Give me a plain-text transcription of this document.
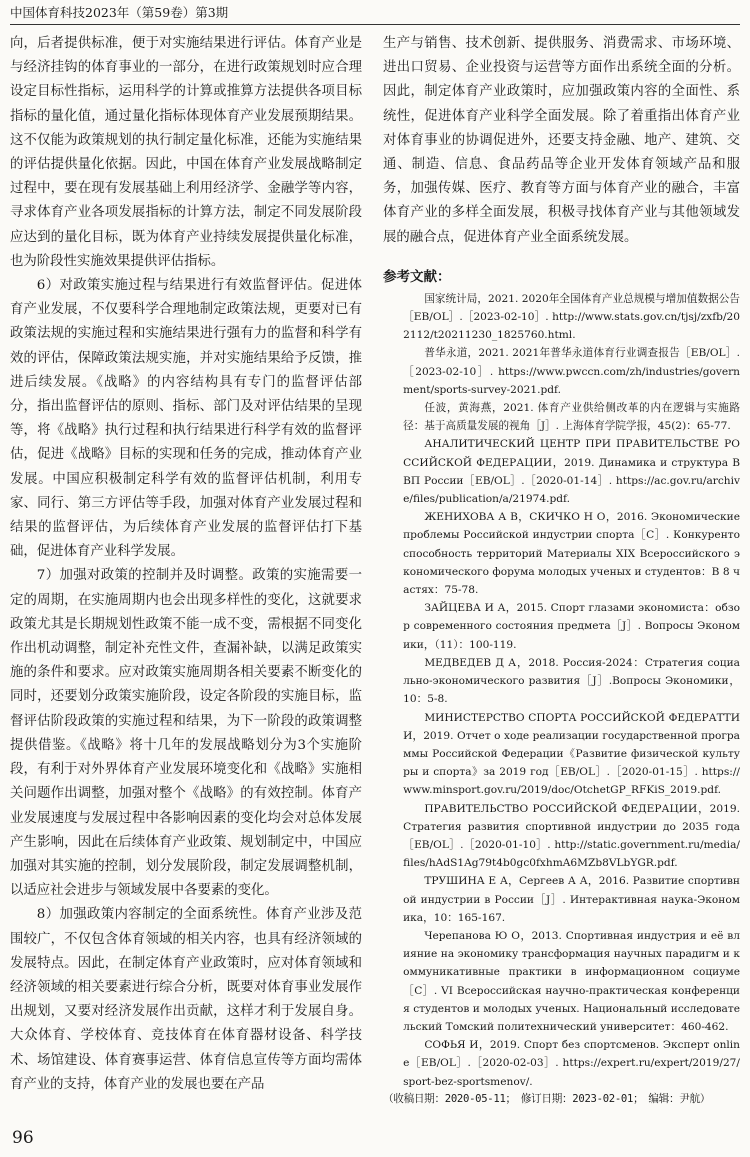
中国体育科技2023年（第59卷）第3期

向，后者提供标准，便于对实施结果进行评估。体育产业是与经济挂钩的体育事业的一部分，在进行政策规划时应合理设定目标性指标，运用科学的计算或推算方法提供各项目标指标的量化值，通过量化指标体现体育产业发展预期结果。这不仅能为政策规划的执行制定量化标准，还能为实施结果的评估提供量化依据。因此，中国在体育产业发展战略制定过程中，要在现有发展基础上利用经济学、金融学等内容，寻求体育产业各项发展指标的计算方法，制定不同发展阶段应达到的量化目标，既为体育产业持续发展提供量化标准，也为阶段性实施效果提供评估指标。

6）对政策实施过程与结果进行有效监督评估。促进体育产业发展，不仅要科学合理地制定政策法规，更要对已有政策法规的实施过程和实施结果进行强有力的监督和科学有效的评估，保障政策法规实施，并对实施结果给予反馈，推进后续发展。《战略》的内容结构具有专门的监督评估部分，指出监督评估的原则、指标、部门及对评估结果的呈现等，将《战略》执行过程和执行结果进行科学有效的监督评估，促进《战略》目标的实现和任务的完成，推动体育产业发展。中国应积极制定科学有效的监督评估机制，利用专家、同行、第三方评估等手段，加强对体育产业发展过程和结果的监督评估，为后续体育产业发展的监督评估打下基础，促进体育产业科学发展。

7）加强对政策的控制并及时调整。政策的实施需要一定的周期，在实施周期内也会出现多样性的变化，这就要求政策尤其是长期规划性政策不能一成不变，需根据不同变化作出机动调整，制定补充性文件，查漏补缺，以满足政策实施的条件和要求。应对政策实施周期各相关要素不断变化的同时，还要划分政策实施阶段，设定各阶段的实施目标，监督评估阶段政策的实施过程和结果，为下一阶段的政策调整提供借鉴。《战略》将十几年的发展战略划分为3个实施阶段，有利于对外界体育产业发展环境变化和《战略》实施相关问题作出调整，加强对整个《战略》的有效控制。体育产业发展速度与发展过程中各影响因素的变化均会对总体发展产生影响，因此在后续体育产业政策、规划制定中，中国应加强对其实施的控制，划分发展阶段，制定发展调整机制，以适应社会进步与领域发展中各要素的变化。

8）加强政策内容制定的全面系统性。体育产业涉及范围较广，不仅包含体育领域的相关内容，也具有经济领域的发展特点。因此，在制定体育产业政策时，应对体育领域和经济领域的相关要素进行综合分析，既要对体育事业发展作出规划，又要对经济发展作出贡献，这样才利于发展自身。大众体育、学校体育、竞技体育在体育器材设备、科学技术、场馆建设、体育赛事运营、体育信息宣传等方面均需体育产业的支持，体育产业的发展也要在产品

生产与销售、技术创新、提供服务、消费需求、市场环境、进出口贸易、企业投资与运营等方面作出系统全面的分析。因此，制定体育产业政策时，应加强政策内容的全面性、系统性，促进体育产业科学全面发展。除了着重指出体育产业对体育事业的协调促进外，还要支持金融、地产、建筑、交通、制造、信息、食品药品等企业开发体育领域产品和服务，加强传媒、医疗、教育等方面与体育产业的融合，丰富体育产业的多样全面发展，积极寻找体育产业与其他领域发展的融合点，促进体育产业全面系统发展。

参考文献：

国家统计局，2021. 2020年全国体育产业总规模与增加值数据公告［EB/OL］.［2023-02-10］. http://www.stats.gov.cn/tjsj/zxfb/202112/t20211230_1825760.html.

普华永道，2021. 2021年普华永道体育行业调查报告［EB/OL］.［2023-02-10］. https://www.pwccn.com/zh/industries/government/sports-survey-2021.pdf.

任波，黄海燕，2021. 体育产业供给侧改革的内在逻辑与实施路径：基于高质量发展的视角［J］. 上海体育学院学报，45(2)：65-77.

АНАЛИТИЧЕСКИЙ ЦЕНТР ПРИ ПРАВИТЕЛЬСТВЕ РОССИЙСКОЙ ФЕДЕРАЦИИ，2019. Динамика и структура ВВП России［EB/OL］.［2020-01-14］. https://ac.gov.ru/archive/files/publication/a/21974.pdf.

ЖЕНИХОВА А В，СКИЧКО Н О，2016. Экономические проблемы Российской индустрии спорта［C］. Конкурентоспособность территорий Материалы XIX Всероссийского экономического форума молодых ученых и студентов：В 8 частях：75-78.

ЗАЙЦЕВА И А，2015. Спорт глазами экономиста：обзор современного состояния предмета［J］. Вопросы Экономики，（11）：100-119.

МЕДВЕДЕВ Д А，2018. Россия-2024：Стратегия социально-экономического развития［J］.Вопросы Экономики，10：5-8.

МИНИСТЕРСТВО СПОРТА РОССИЙСКОЙ ФЕДЕРАТТИИ，2019. Отчет о ходе реализации государственной программы Российской Федерации《Развитие физической культуры и спорта》за 2019 год［EB/OL］.［2020-01-15］. https://www.minsport.gov.ru/2019/doc/OtchetGP_RFKiS_2019.pdf.

ПРАВИТЕЛЬСТВО РОССИЙСКОЙ ФЕДЕРАЦИИ，2019. Стратегия развития спортивной индустрии до 2035 года［EB/OL］.［2020-01-10］. http://static.government.ru/media/files/hAdS1Ag79t4b0gc0fxhmA6MZb8VLbYGR.pdf.

ТРУШИНА Е А，Сергеев А А，2016. Развитие спортивной индустрии в России［J］. Интерактивная наука-Экономика，10：165-167.

Черепанова Ю О，2013. Спортивная индустрия и её влияние на экономику трансформация научных парадигм и коммуникативные практики в информационном социуме［C］. VI Всероссийская научно-практическая конференция студентов и молодых ученых. Национальный исследовательский Томский политехнический университет：460-462.

СОФЬЯ И，2019. Спорт без спортсменов. Эксперт online［EB/OL］.［2020-02-03］. https://expert.ru/expert/2019/27/sport-bez-sportsmenov/.

（收稿日期：2020-05-11；　修订日期：2023-02-01；　编辑：尹航）
96
